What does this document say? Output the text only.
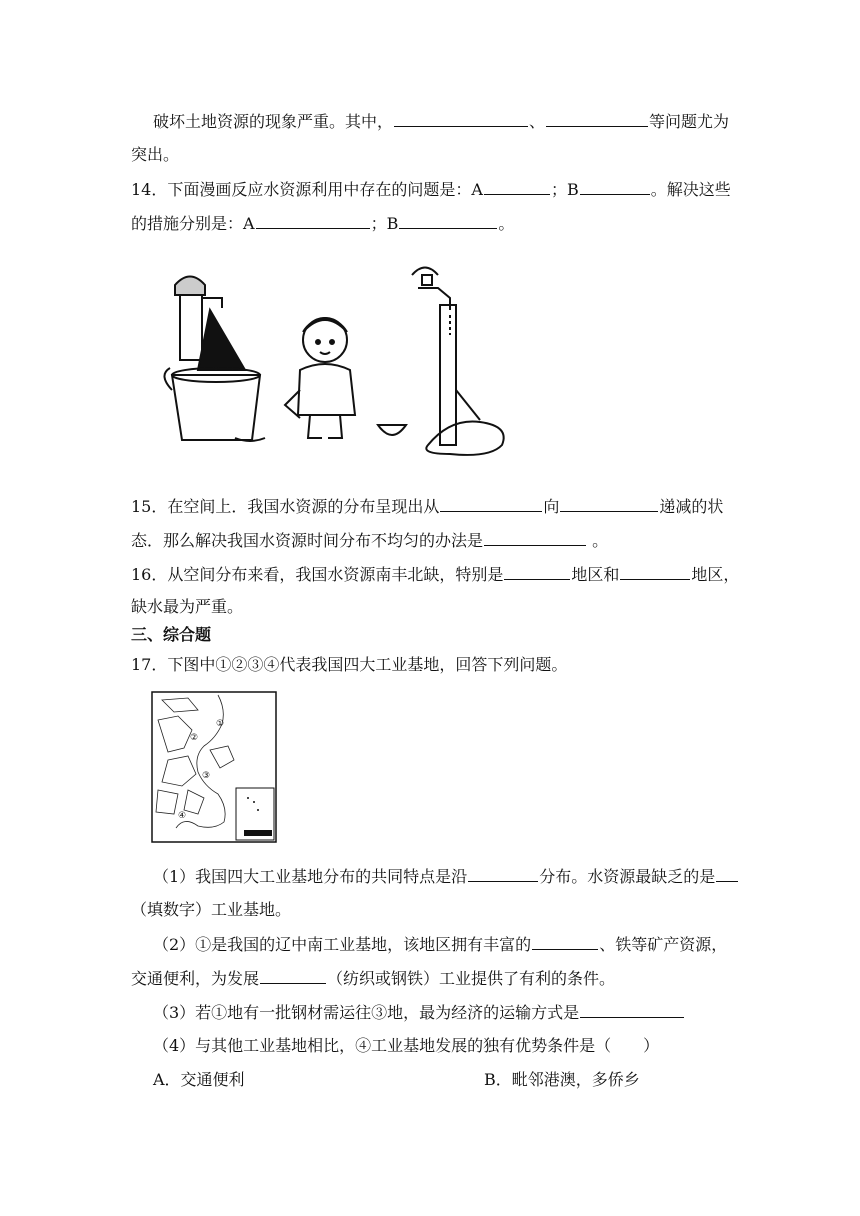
破坏土地资源的现象严重。其中，	、	等问题尤为
突出。
14．下面漫画反应水资源利用中存在的问题是：A	；B	。解决这些
的措施分别是：A	；B	。
15．在空间上．我国水资源的分布呈现出从	向	递减的状
态．那么解决我国水资源时间分布不均匀的办法是	。
16．从空间分布来看，我国水资源南丰北缺，特别是	地区和	地区，
缺水最为严重。
三、综合题
17．下图中①②③④代表我国四大工业基地，回答下列问题。
①
②
③
④
（1）我国四大工业基地分布的共同特点是沿	分布。水资源最缺乏的是
（填数字）工业基地。
（2）①是我国的辽中南工业基地，该地区拥有丰富的	、铁等矿产资源，
交通便利，为发展	（纺织或钢铁）工业提供了有利的条件。
（3）若①地有一批钢材需运往③地，最为经济的运输方式是
（4）与其他工业基地相比，④工业基地发展的独有优势条件是（　　）
A．交通便利	B．毗邻港澳，多侨乡
